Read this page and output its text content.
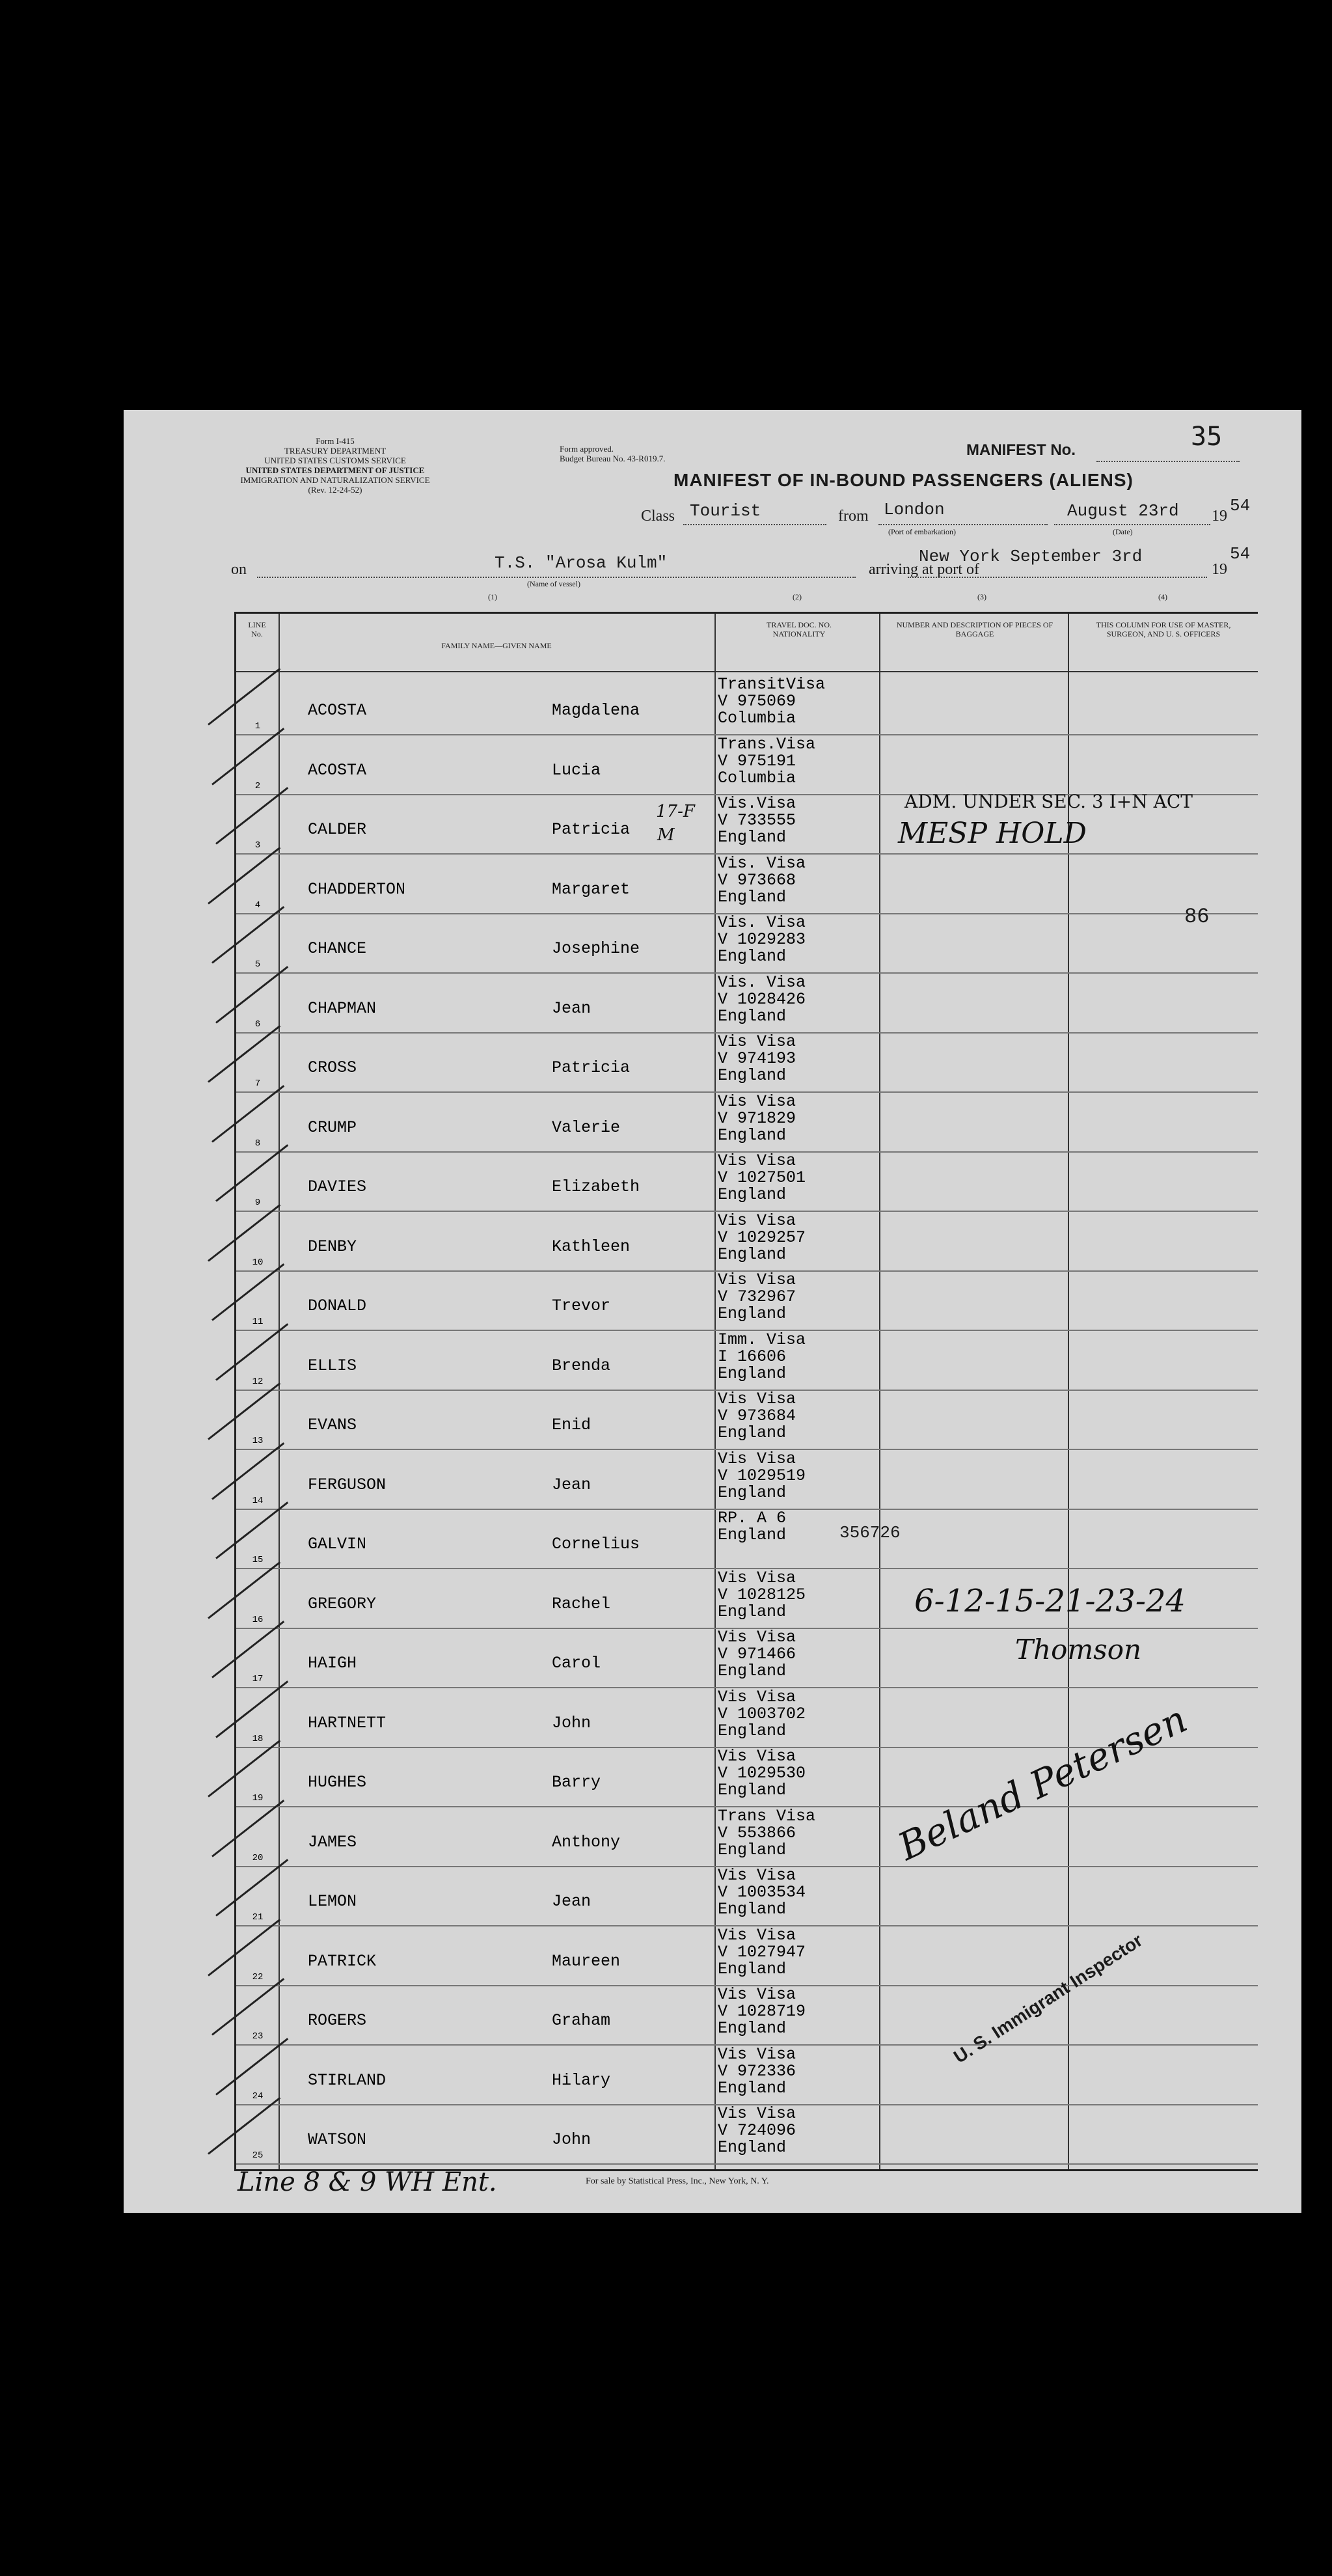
Form I-415
TREASURY DEPARTMENT
UNITED STATES CUSTOMS SERVICE
UNITED STATES DEPARTMENT OF JUSTICE
IMMIGRATION AND NATURALIZATION SERVICE
(Rev. 12-24-52)
Form approved.
Budget Bureau No. 43-R019.7.	MANIFEST No.	35
MANIFEST OF IN-BOUND PASSENGERS (ALIENS)
Class Tourist	from London
(Port of embarkation)
August 23rd
(Date)
19
54
on	T.S. "Arosa Kulm"
(Name of vessel)
arriving at port of
New York September 3rd
19
54
(1)	(2)	(3)	(4)
LINE No.
FAMILY NAME—GIVEN NAME
TRAVEL DOC. NO. NATIONALITY
NUMBER AND DESCRIPTION OF PIECES OF BAGGAGE
THIS COLUMN FOR USE OF MASTER, SURGEON, AND U. S. OFFICERS
1
ACOSTA	Magdalena
TransitVisa
V 975069
Columbia
2
ACOSTA	Lucia
Trans.Visa
V 975191
Columbia
3
CALDER	Patricia
Vis.Visa
V 733555
England
4
CHADDERTON	Margaret
Vis. Visa
V 973668
England
5
CHANCE	Josephine
Vis. Visa
V 1029283
England
6
CHAPMAN	Jean
Vis. Visa
V 1028426
England
7
CROSS	Patricia
Vis Visa
V 974193
England
8
CRUMP	Valerie
Vis Visa
V 971829
England
9
DAVIES	Elizabeth
Vis Visa
V 1027501
England
10
DENBY	Kathleen
Vis Visa
V 1029257
England
11
DONALD	Trevor
Vis Visa
V 732967
England
12
ELLIS	Brenda
Imm. Visa
I 16606
England
13
EVANS	Enid
Vis Visa
V 973684
England
14
FERGUSON	Jean
Vis Visa
V 1029519
England
15
GALVIN	Cornelius
RP. A 6
England
16
GREGORY	Rachel
Vis Visa
V 1028125
England
17
HAIGH	Carol
Vis Visa
V 971466
England
18
HARTNETT	John
Vis Visa
V 1003702
England
19
HUGHES	Barry
Vis Visa
V 1029530
England
20
JAMES	Anthony
Trans Visa
V 553866
England
21
LEMON	Jean
Vis Visa
V 1003534
England
22
PATRICK	Maureen
Vis Visa
V 1027947
England
23
ROGERS	Graham
Vis Visa
V 1028719
England
24
STIRLAND	Hilary
Vis Visa
V 972336
England
25
WATSON	John
Vis Visa
V 724096
England
17-F
M
ADM. UNDER SEC. 3 I+N ACT
MESP HOLD
356726
86
6-12-15-21-23-24
Thomson
Beland Petersen
U. S. Immigrant Inspector
Line 8 & 9 WH Ent.	For sale by Statistical Press, Inc., New York, N. Y.
